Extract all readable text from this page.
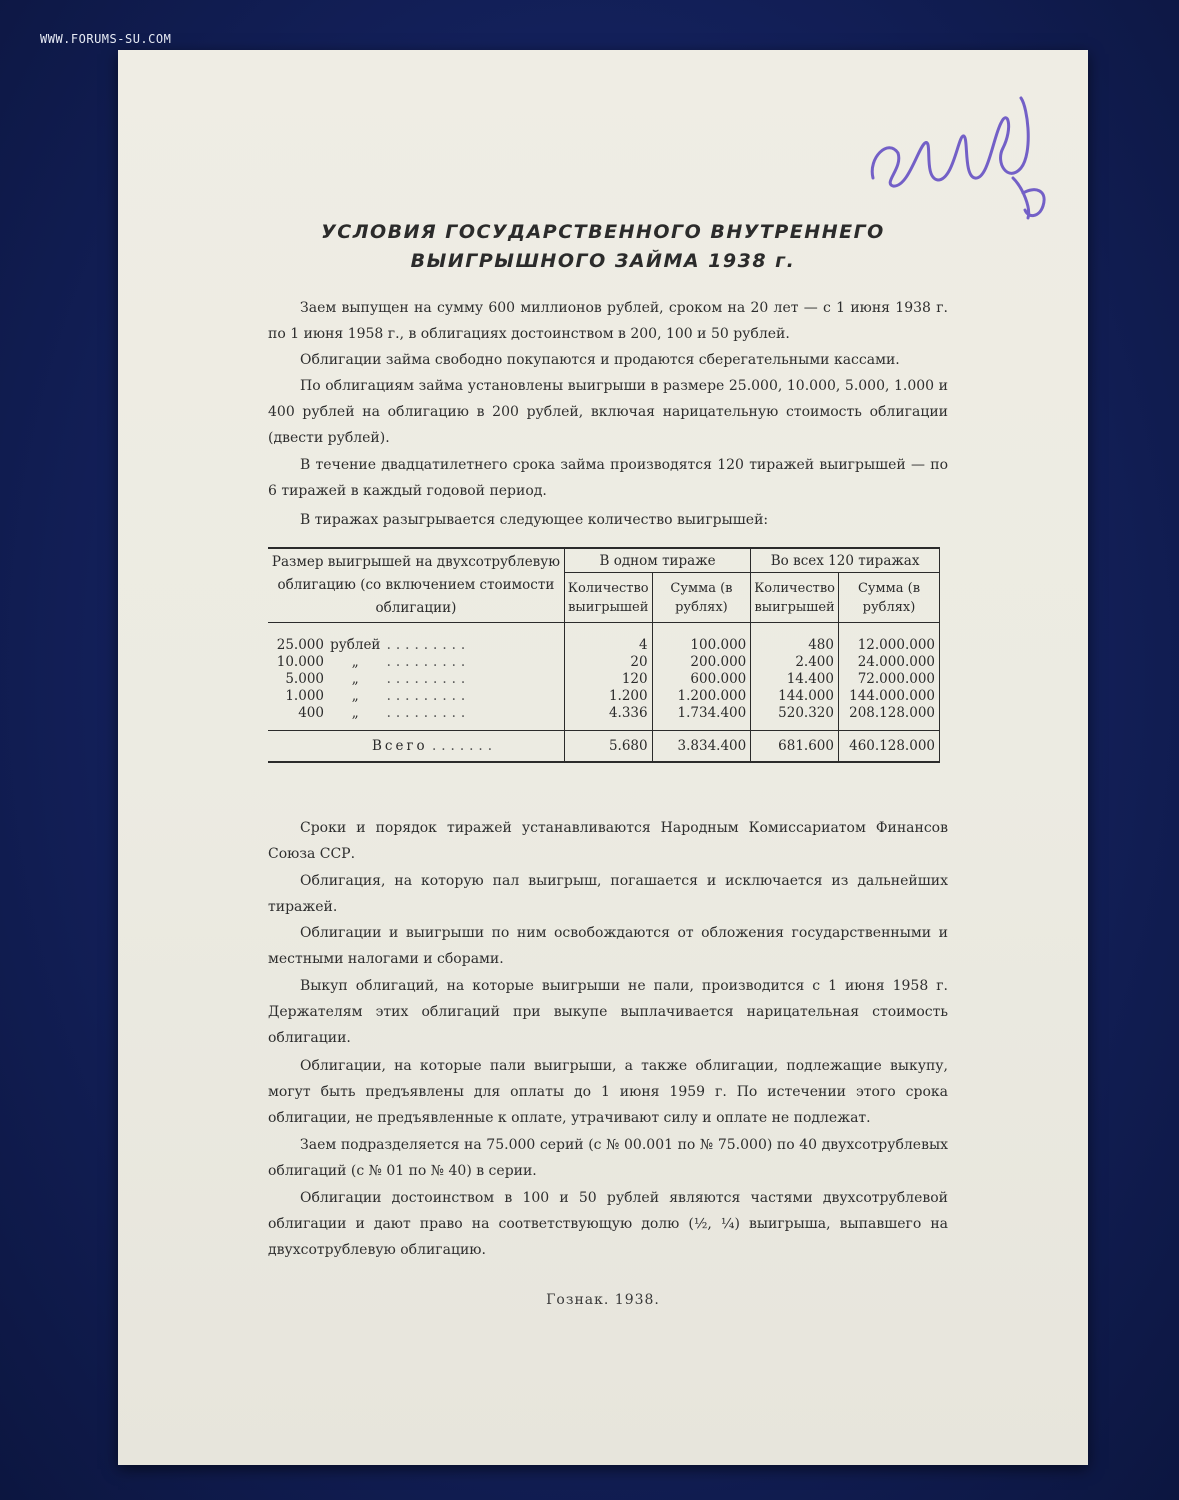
WWW.FORUMS-SU.COM
УСЛОВИЯ ГОСУДАРСТВЕННОГО ВНУТРЕННЕГО
ВЫИГРЫШНОГО ЗАЙМА 1938 г.

Заем выпущен на сумму 600 миллионов рублей, сроком на 20 лет — с 1 июня 1938 г. по 1 июня 1958 г., в облигациях достоинством в 200, 100 и 50 рублей.

Облигации займа свободно покупаются и продаются сберегательными кассами.

По облигациям займа установлены выигрыши в размере 25.000, 10.000, 5.000, 1.000 и 400 рублей на облигацию в 200 рублей, включая нарицательную стоимость облигации (двести рублей).

В течение двадцатилетнего срока займа производятся 120 тиражей выигрышей — по 6 тиражей в каждый годовой период.

В тиражах разыгрывается следующее количество выигрышей:

Размер выигрышей на двухсотрублевую облигацию (со включением стоимости облигации)	В одном тираже		Во всех 120 тиражах	
	Количество выигрышей	Сумма (в рублях)	Количество выигрышей	Сумма (в рублях)
25.000 рублей .........	4	100.000	480	12.000.000
10.000 „ .........	20	200.000	2.400	24.000.000
5.000 „ .........	120	600.000	14.400	72.000.000
1.000 „ .........	1.200	1.200.000	144.000	144.000.000
400 „ .........	4.336	1.734.400	520.320	208.128.000
Всего .......	5.680	3.834.400	681.600	460.128.000

Сроки и порядок тиражей устанавливаются Народным Комиссариатом Финансов Союза ССР.

Облигация, на которую пал выигрыш, погашается и исключается из дальнейших тиражей.

Облигации и выигрыши по ним освобождаются от обложения государственными и местными налогами и сборами.

Выкуп облигаций, на которые выигрыши не пали, производится с 1 июня 1958 г. Держателям этих облигаций при выкупе выплачивается нарицательная стоимость облигации.

Облигации, на которые пали выигрыши, а также облигации, подлежащие выкупу, могут быть предъявлены для оплаты до 1 июня 1959 г. По истечении этого срока облигации, не предъявленные к оплате, утрачивают силу и оплате не подлежат.

Заем подразделяется на 75.000 серий (с № 00.001 по № 75.000) по 40 двухсотрублевых облигаций (с № 01 по № 40) в серии.

Облигации достоинством в 100 и 50 рублей являются частями двухсотрублевой облигации и дают право на соответствующую долю (½, ¼) выигрыша, выпавшего на двухсотрублевую облигацию.

Гознак. 1938.
